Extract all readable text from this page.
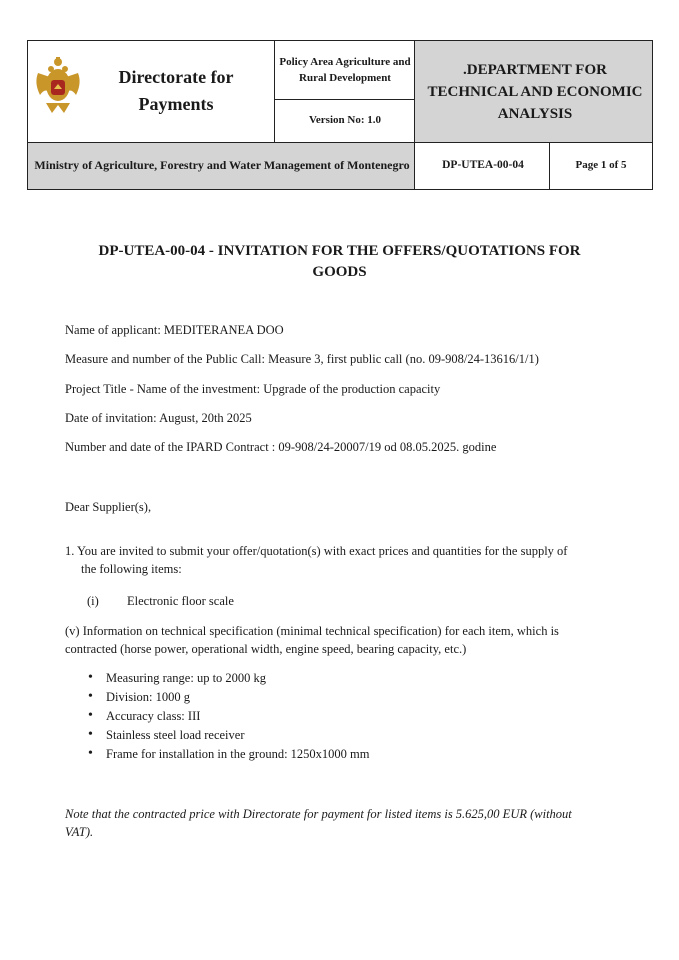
Directorate for Payments
Policy Area Agriculture and Rural Development
Version No: 1.0
.DEPARTMENT FOR TECHNICAL AND ECONOMIC ANALYSIS
Ministry of Agriculture, Forestry and Water Management of Montenegro	DP-UTEA-00-04	Page 1 of 5
DP-UTEA-00-04 - INVITATION FOR THE OFFERS/QUOTATIONS FOR
GOODS
Name of applicant: MEDITERANEA DOO
Measure and number of the Public Call: Measure 3, first public call (no. 09-908/24-13616/1/1)
Project Title - Name of the investment: Upgrade of the production capacity
Date of invitation: August, 20th 2025
Number and date of the IPARD Contract : 09-908/24-20007/19 od 08.05.2025. godine
Dear Supplier(s),
1. You are invited to submit your offer/quotation(s) with exact prices and quantities for the supply of
the following items:
(i) Electronic floor scale
(v) Information on technical specification (minimal technical specification) for each item, which is
contracted (horse power, operational width, engine speed, bearing capacity, etc.)
• Measuring range: up to 2000 kg
• Division: 1000 g
• Accuracy class: III
• Stainless steel load receiver
• Frame for installation in the ground: 1250x1000 mm
Note that the contracted price with Directorate for payment for listed items is 5.625,00 EUR (without
VAT).
